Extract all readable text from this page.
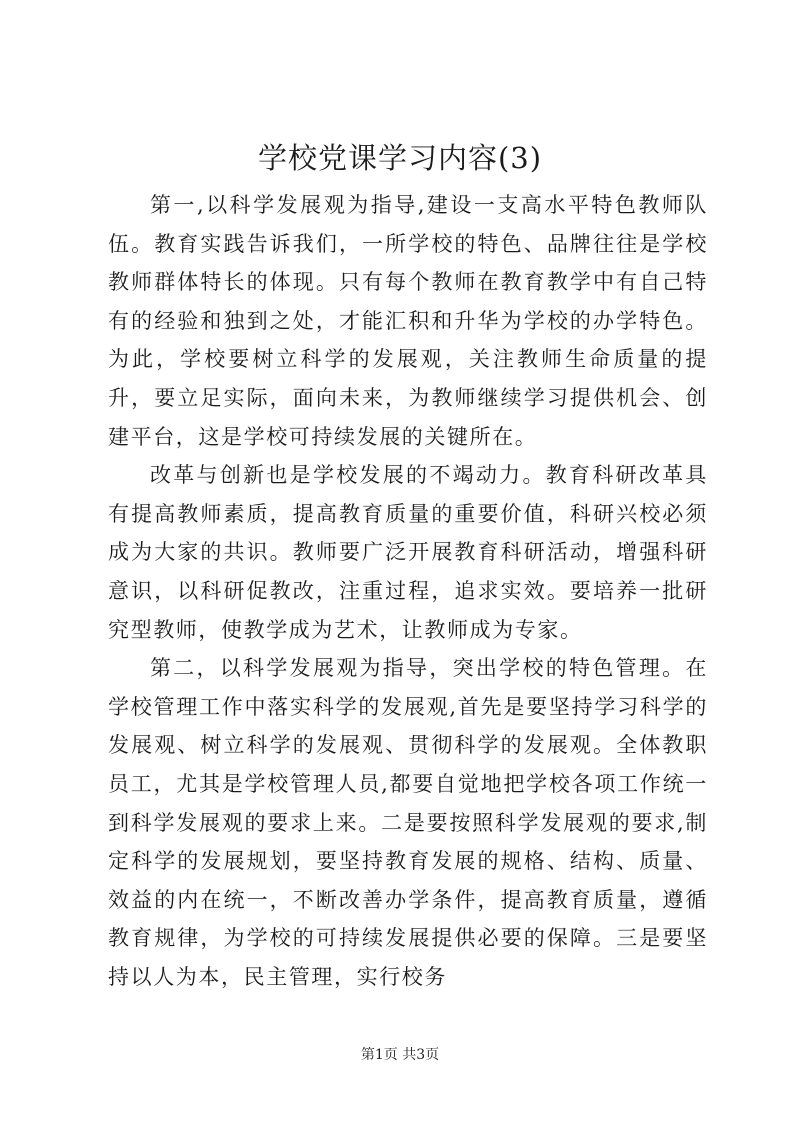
学校党课学习内容(3)

第一,以科学发展观为指导,建设一支高水平特色教师队伍。教育实践告诉我们，一所学校的特色、品牌往往是学校教师群体特长的体现。只有每个教师在教育教学中有自己特有的经验和独到之处，才能汇积和升华为学校的办学特色。为此，学校要树立科学的发展观，关注教师生命质量的提升，要立足实际，面向未来，为教师继续学习提供机会、创建平台，这是学校可持续发展的关键所在。

改革与创新也是学校发展的不竭动力。教育科研改革具有提高教师素质，提高教育质量的重要价值，科研兴校必须成为大家的共识。教师要广泛开展教育科研活动，增强科研意识，以科研促教改，注重过程，追求实效。要培养一批研究型教师，使教学成为艺术，让教师成为专家。

第二，以科学发展观为指导，突出学校的特色管理。在学校管理工作中落实科学的发展观,首先是要坚持学习科学的发展观、树立科学的发展观、贯彻科学的发展观。全体教职员工，尤其是学校管理人员,都要自觉地把学校各项工作统一到科学发展观的要求上来。二是要按照科学发展观的要求,制定科学的发展规划，要坚持教育发展的规格、结构、质量、效益的内在统一，不断改善办学条件，提高教育质量，遵循教育规律，为学校的可持续发展提供必要的保障。三是要坚持以人为本，民主管理，实行校务

第1页 共3页
